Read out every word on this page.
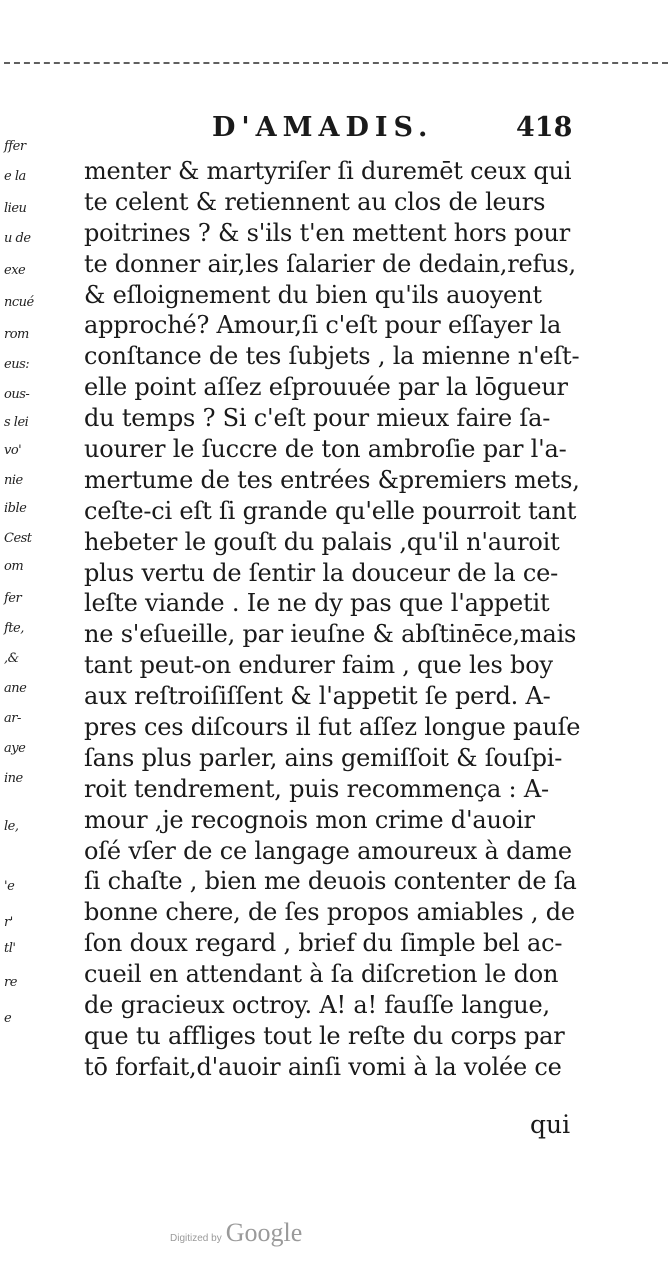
ffer
e la
lieu
u de
exe
ncué
rom
eus:
ous-
s lei
vo'
nie
ible
Cest
om
fer
fte,
,&
ane
ar-
aye
ine
le,
'e
r'
tl'
re
e
D'AMADIS.	418
menter & martyriſer ſi duremēt ceux qui
te celent & retiennent au clos de leurs
poitrines ? & s'ils t'en mettent hors pour
te donner air,les ſalarier de dedain,refus,
& eſloignement du bien qu'ils auoyent
approché? Amour,ſi c'eſt pour eſſayer la
conſtance de tes ſubjets , la mienne n'eſt-
elle point aſſez eſprouuée par la lōgueur
du temps ? Si c'eſt pour mieux faire ſa-
uourer le ſuccre de ton ambroſie par l'a-
mertume de tes entrées &premiers mets,
ceſte-ci eſt ſi grande qu'elle pourroit tant
hebeter le gouſt du palais ,qu'il n'auroit
plus vertu de ſentir la douceur de la ce-
leſte viande . Ie ne dy pas que l'appetit
ne s'eſueille, par ieuſne & abſtinēce,mais
tant peut-on endurer faim , que les boy
aux reſtroiſiſſent & l'appetit ſe perd. A-
pres ces diſcours il fut aſſez longue pauſe
ſans plus parler, ains gemiſſoit & ſouſpi-
roit tendrement, puis recommença : A-
mour ,je recognois mon crime d'auoir
oſé vſer de ce langage amoureux à dame
ſi chaſte , bien me deuois contenter de ſa
bonne chere, de ſes propos amiables , de
ſon doux regard , brief du ſimple bel ac-
cueil en attendant à ſa diſcretion le don
de gracieux octroy. A! a! fauſſe langue,
que tu affliges tout le reſte du corps par
tō forfait,d'auoir ainſi vomi à la volée ce
qui
Digitized by Google
